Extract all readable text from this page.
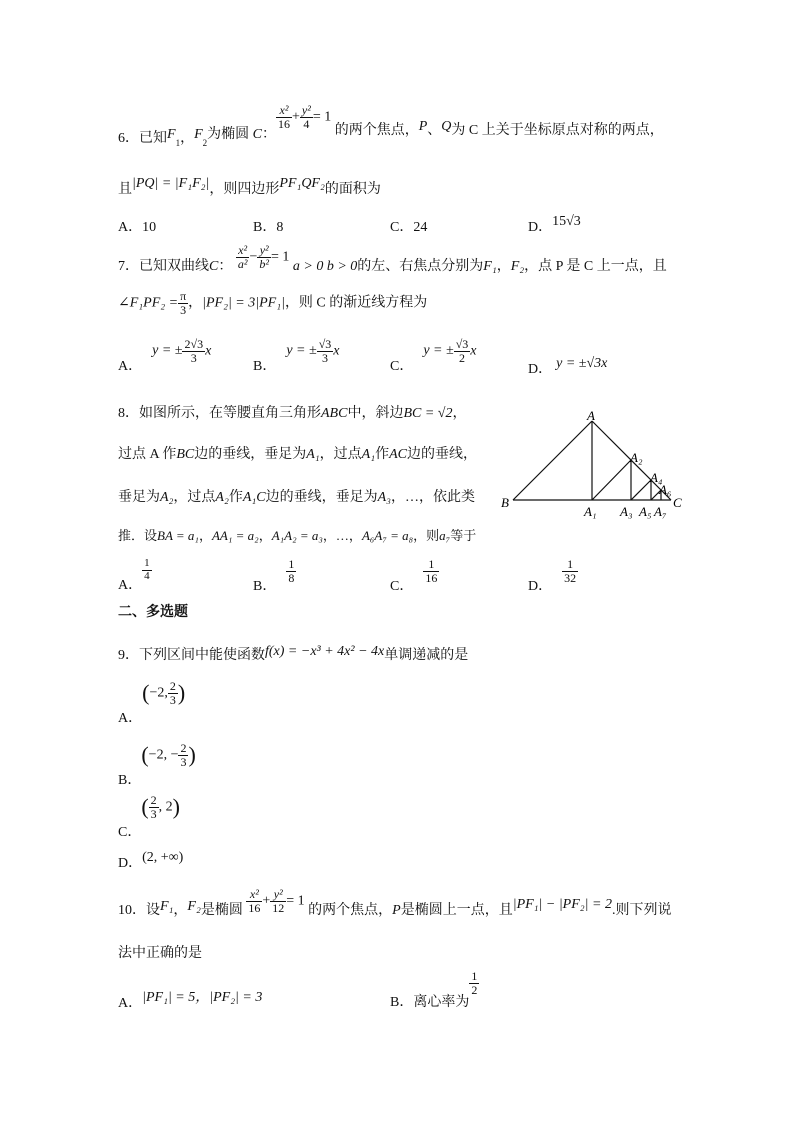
6．已知$F_1$，$F_2$为椭圆 C：
$\frac{\text{x²}}{16} + \frac{\text{y²}}{4} = 1$ 的两个焦点，P、Q为 C 上关于坐标原点对称的两点，
且|PQ| = |F₁F₂|，则四边形PF₁QF₂的面积为
A．10	B．8	C．24	D．15√3
7．已知双曲线C： $\frac{\text{x²}}{\text{a²}} - \frac{\text{y²}}{\text{b²}} = 1$ a > 0 b > 0的左、右焦点分别为F₁，F₂，点 P 是 C 上一点，且
∠F₁PF₂ = $\frac{\pi}{3}$ ，|PF₂| = 3|PF₁|，则 C 的渐近线方程为
A．y = ± $\frac{2√3}{3}$ x
B．y = ± $\frac{√3}{3}$ x
C．y = ± $\frac{√3}{2}$ x
D． y = ±√3x
8．如图所示，在等腰直角三角形ABC中，斜边BC = √2，
过点 A 作BC边的垂线，垂足为A₁，过点A₁作AC边的垂线，
垂足为A₂，过点A₂作A₁C边的垂线，垂足为A₃，…，依此类
推．设BA = a₁，AA₁ = a₂，A₁A₂ = a₃，…，A₆A₇ = a₈，则a₇等于
A
B	C
A₁
A₂
A₃
A₄
A₅
A₆
A₇
A．
$\frac{1}{4}$
B．
$\frac{1}{8}$
C．
$\frac{1}{16}$
D．
$\frac{1}{32}$
二、多选题
9．下列区间中能使函数f(x) = −x³ + 4x² − 4x单调递减的是
A．(−2, $\frac{2}{3}$ )
B．(−2, − $\frac{2}{3}$ )
C．( $\frac{2}{3}$ , 2)
D．(2, +∞)
10．设F₁，F₂是椭圆 $\frac{\text{x²}}{16} + \frac{\text{y²}}{12} = 1$ 的两个焦点，P是椭圆上一点，且|PF₁| − |PF₂| = 2.则下列说
法中正确的是
A．|PF₁| = 5，|PF₂| = 3	B．离心率为
$\frac{1}{2}$
